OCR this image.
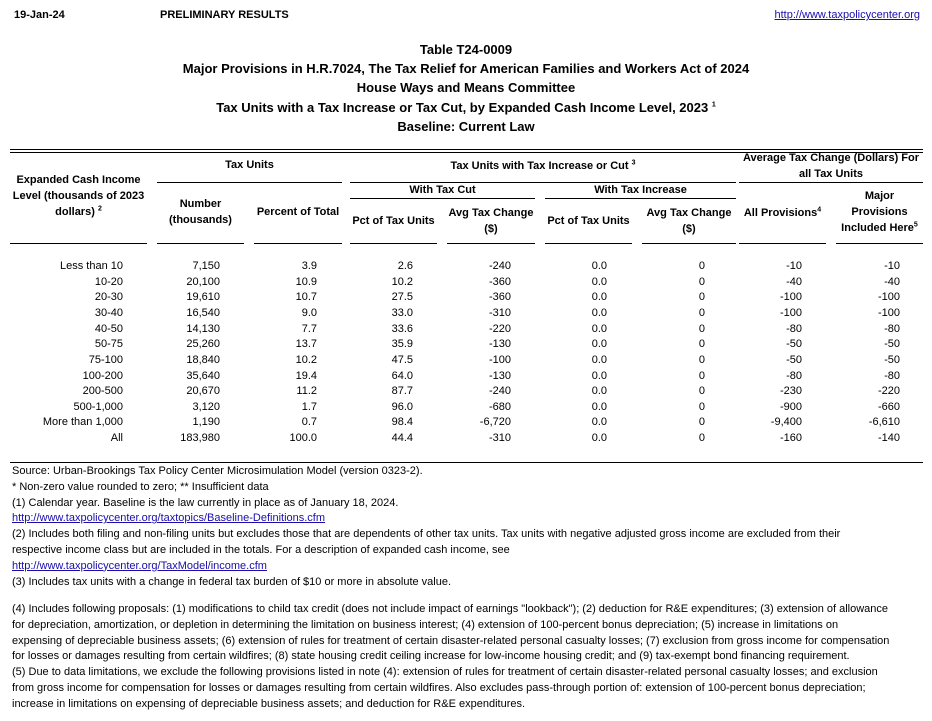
19-Jan-24	PRELIMINARY RESULTS	http://www.taxpolicycenter.org
Table T24-0009
Major Provisions in H.R.7024, The Tax Relief for American Families and Workers Act of 2024
House Ways and Means Committee
Tax Units with a Tax Increase or Tax Cut, by Expanded Cash Income Level, 2023 $^1$
Baseline: Current Law
Expanded Cash Income Level (thousands of 2023 dollars) $^2$
Tax Units
Number (thousands)
Percent of Total
Tax Units with Tax Increase or Cut $^3$
With Tax Cut	With Tax Increase
Pct of Tax Units
Avg Tax Change ($)
Pct of Tax Units
Avg Tax Change ($)
Average Tax Change (Dollars) For all Tax Units
All Provisions$^4$
Major Provisions Included Here$^5$
Less than 10	7,150	3.9	2.6	-240	0.0	0	-10	-10
10-20	20,100	10.9	10.2	-360	0.0	0	-40	-40
20-30	19,610	10.7	27.5	-360	0.0	0	-100	-100
30-40	16,540	9.0	33.0	-310	0.0	0	-100	-100
40-50	14,130	7.7	33.6	-220	0.0	0	-80	-80
50-75	25,260	13.7	35.9	-130	0.0	0	-50	-50
75-100	18,840	10.2	47.5	-100	0.0	0	-50	-50
100-200	35,640	19.4	64.0	-130	0.0	0	-80	-80
200-500	20,670	11.2	87.7	-240	0.0	0	-230	-220
500-1,000	3,120	1.7	96.0	-680	0.0	0	-900	-660
More than 1,000	1,190	0.7	98.4	-6,720	0.0	0	-9,400	-6,610
All	183,980	100.0	44.4	-310	0.0	0	-160	-140
Source: Urban-Brookings Tax Policy Center Microsimulation Model (version 0323-2).
* Non-zero value rounded to zero; ** Insufficient data
(1) Calendar year. Baseline is the law currently in place as of January 18, 2024.
http://www.taxpolicycenter.org/taxtopics/Baseline-Definitions.cfm
(2) Includes both filing and non-filing units but excludes those that are dependents of other tax units. Tax units with negative adjusted gross income are excluded from their
respective income class but are included in the totals. For a description of expanded cash income, see
http://www.taxpolicycenter.org/TaxModel/income.cfm
(3) Includes tax units with a change in federal tax burden of $10 or more in absolute value.
(4) Includes following proposals: (1) modifications to child tax credit (does not include impact of earnings "lookback"); (2) deduction for R&E expenditures; (3) extension of allowance
for depreciation, amortization, or depletion in determining the limitation on business interest; (4) extension of 100-percent bonus depreciation; (5) increase in limitations on
expensing of depreciable business assets; (6) extension of rules for treatment of certain disaster-related personal casualty losses; (7) exclusion from gross income for compensation
for losses or damages resulting from certain wildfires; (8) state housing credit ceiling increase for low-income housing credit; and (9) tax-exempt bond financing requirement.
(5) Due to data limitations, we exclude the following provisions listed in note (4): extension of rules for treatment of certain disaster-related personal casualty losses; and exclusion
from gross income for compensation for losses or damages resulting from certain wildfires. Also excludes pass-through portion of: extension of 100-percent bonus depreciation;
increase in limitations on expensing of depreciable business assets; and deduction for R&E expenditures.
